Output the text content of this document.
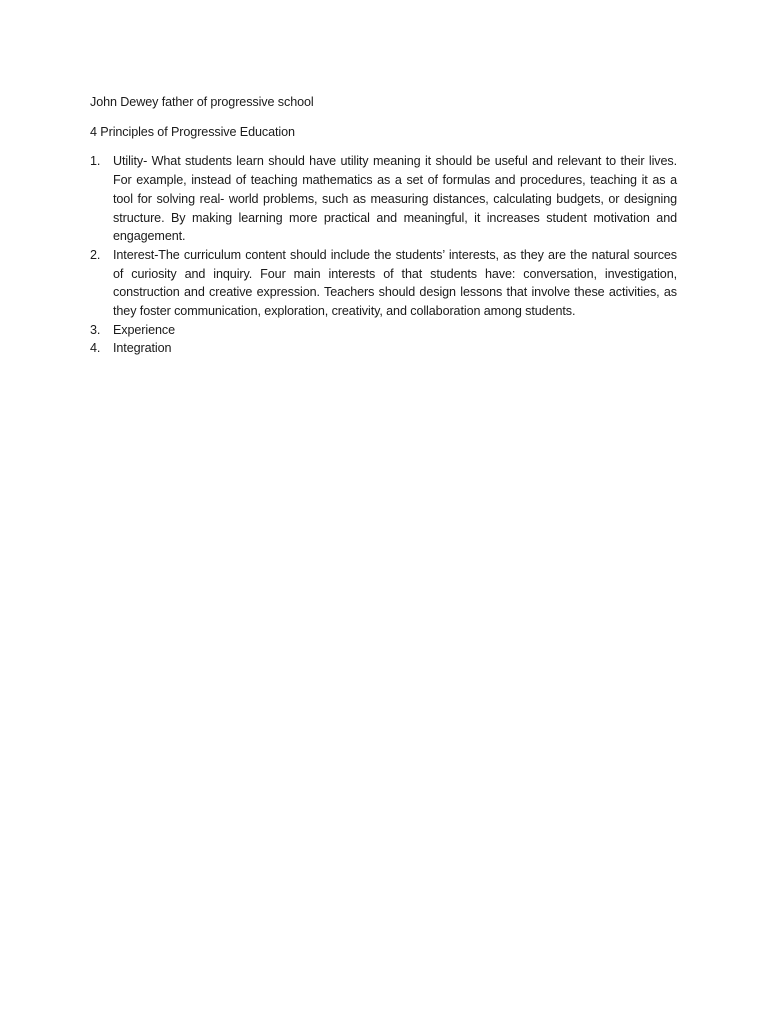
John Dewey father of progressive school

4 Principles of Progressive Education

1.	Utility- What students learn should have utility meaning it should be useful and relevant to their lives. For example, instead of teaching mathematics as a set of formulas and procedures, teaching it as a tool for solving real- world problems, such as measuring distances, calculating budgets, or designing structure. By making learning more practical and meaningful, it increases student motivation and engagement.
2.	Interest-The curriculum content should include the students’ interests, as they are the natural sources of curiosity and inquiry. Four main interests of that students have: conversation, investigation, construction and creative expression. Teachers should design lessons that involve these activities, as they foster communication, exploration, creativity, and collaboration among students.
3.	Experience
4.	Integration
